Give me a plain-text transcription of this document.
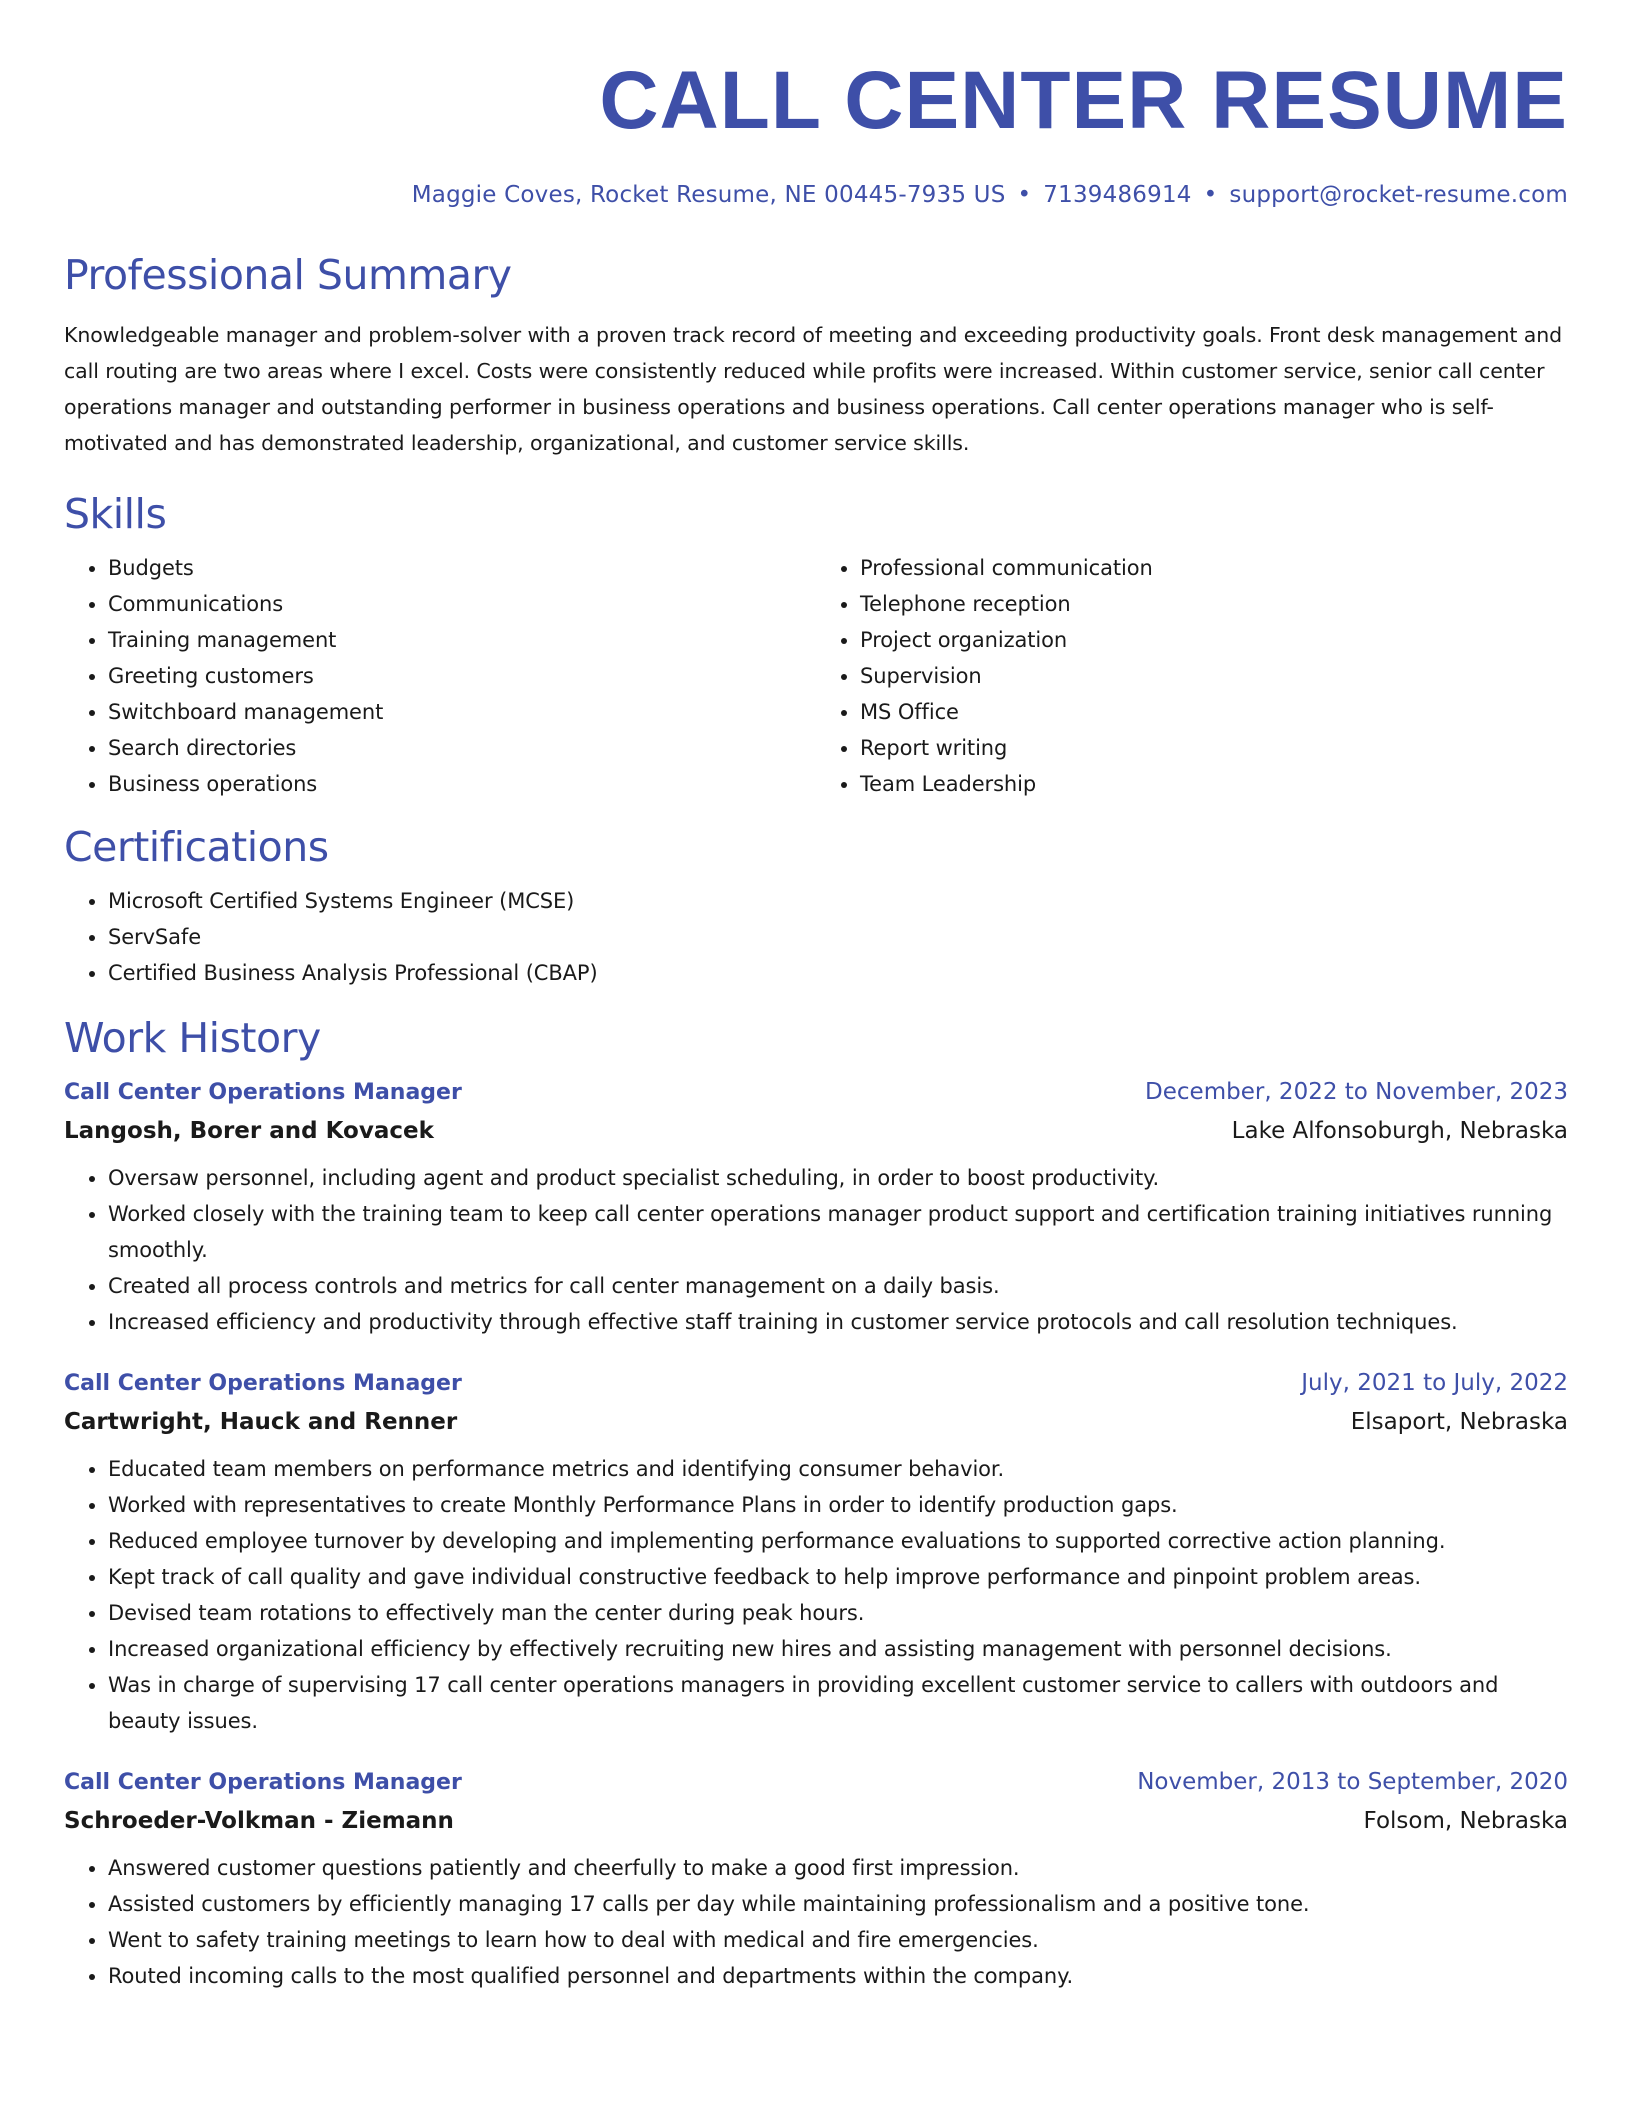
CALL CENTER RESUME
Maggie Coves, Rocket Resume, NE 00445-7935 US • 7139486914 • support@rocket-resume.com
Professional Summary

Knowledgeable manager and problem-solver with a proven track record of meeting and exceeding productivity goals. Front desk management and call routing are two areas where I excel. Costs were consistently reduced while profits were increased. Within customer service, senior call center operations manager and outstanding performer in business operations and business operations. Call center operations manager who is self-motivated and has demonstrated leadership, organizational, and customer service skills.

Skills
• Budgets
• Communications
• Training management
• Greeting customers
• Switchboard management
• Search directories
• Business operations
• Professional communication
• Telephone reception
• Project organization
• Supervision
• MS Office
• Report writing
• Team Leadership
Certifications
• Microsoft Certified Systems Engineer (MCSE)
• ServSafe
• Certified Business Analysis Professional (CBAP)
Work History
Call Center Operations Manager	December, 2022 to November, 2023
Langosh, Borer and Kovacek	Lake Alfonsoburgh, Nebraska
• Oversaw personnel, including agent and product specialist scheduling, in order to boost productivity.
• Worked closely with the training team to keep call center operations manager product support and certification training initiatives running smoothly.
• Created all process controls and metrics for call center management on a daily basis.
• Increased efficiency and productivity through effective staff training in customer service protocols and call resolution techniques.
Call Center Operations Manager	July, 2021 to July, 2022
Cartwright, Hauck and Renner	Elsaport, Nebraska
• Educated team members on performance metrics and identifying consumer behavior.
• Worked with representatives to create Monthly Performance Plans in order to identify production gaps.
• Reduced employee turnover by developing and implementing performance evaluations to supported corrective action planning.
• Kept track of call quality and gave individual constructive feedback to help improve performance and pinpoint problem areas.
• Devised team rotations to effectively man the center during peak hours.
• Increased organizational efficiency by effectively recruiting new hires and assisting management with personnel decisions.
• Was in charge of supervising 17 call center operations managers in providing excellent customer service to callers with outdoors and beauty issues.
Call Center Operations Manager	November, 2013 to September, 2020
Schroeder-Volkman - Ziemann	Folsom, Nebraska
• Answered customer questions patiently and cheerfully to make a good first impression.
• Assisted customers by efficiently managing 17 calls per day while maintaining professionalism and a positive tone.
• Went to safety training meetings to learn how to deal with medical and fire emergencies.
• Routed incoming calls to the most qualified personnel and departments within the company.
